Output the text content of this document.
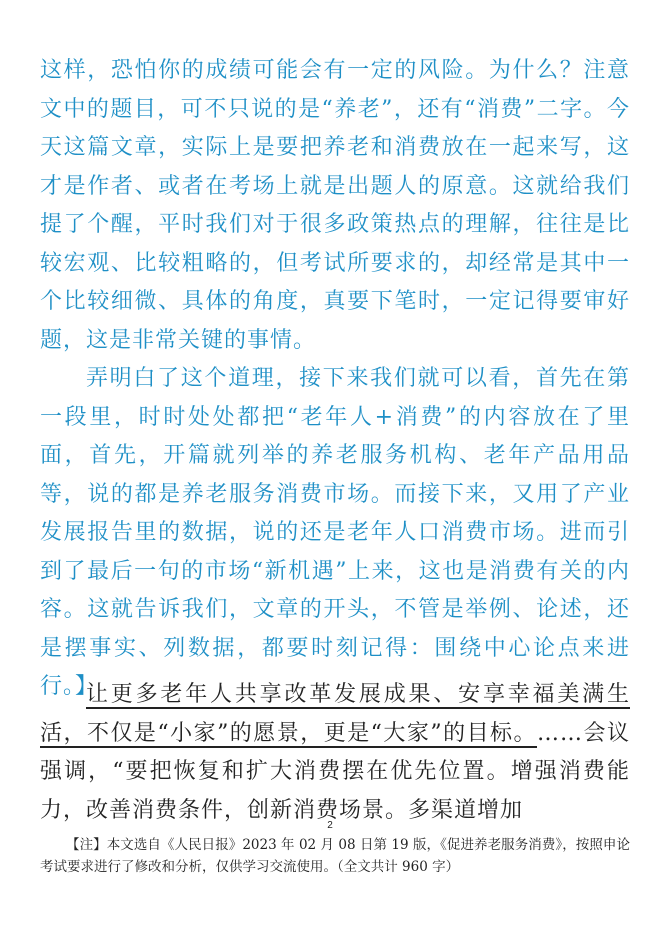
这样，恐怕你的成绩可能会有一定的风险。为什么？注意文中的题目，可不只说的是“养老”，还有“消费”二字。今天这篇文章，实际上是要把养老和消费放在一起来写，这才是作者、或者在考场上就是出题人的原意。这就给我们提了个醒，平时我们对于很多政策热点的理解，往往是比较宏观、比较粗略的，但考试所要求的，却经常是其中一个比较细微、具体的角度，真要下笔时，一定记得要审好题，这是非常关键的事情。

弄明白了这个道理，接下来我们就可以看，首先在第一段里，时时处处都把“老年人+消费”的内容放在了里面，首先，开篇就列举的养老服务机构、老年产品用品等，说的都是养老服务消费市场。而接下来，又用了产业发展报告里的数据，说的还是老年人口消费市场。进而引到了最后一句的市场“新机遇”上来，这也是消费有关的内容。这就告诉我们，文章的开头，不管是举例、论述，还是摆事实、列数据，都要时刻记得：围绕中心论点来进行。】

让更多老年人共享改革发展成果、安享幸福美满生活，不仅是“小家”的愿景，更是“大家”的目标。……会议强调，“要把恢复和扩大消费摆在优先位置。增强消费能力，改善消费条件，创新消费场景。多渠道增加

2

【注】本文选自《人民日报》2023 年 02 月 08 日第 19 版，《促进养老服务消费》，按照申论考试要求进行了修改和分析，仅供学习交流使用。（全文共计 960 字）
